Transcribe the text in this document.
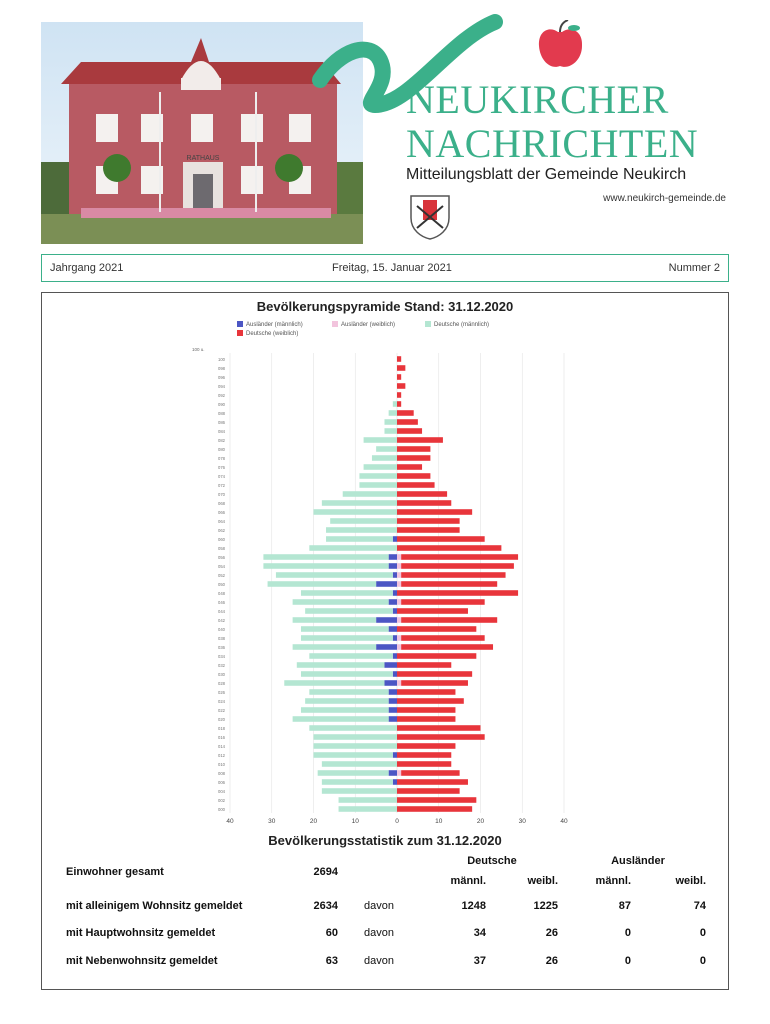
RATHAUS
NEUKIRCHER
NACHRICHTEN
Mitteilungsblatt der Gemeinde Neukirch
www.neukirch-gemeinde.de
Jahrgang 2021	Freitag, 15. Januar 2021	Nummer 2
Bevölkerungspyramide Stand: 31.12.2020
Ausländer (männlich)	Ausländer (weiblich)	Deutsche (männlich)
Deutsche (weiblich)
40	30	20	10	0	10	20	30	40
100 u.
100
098
096
094
092
090
088
086
084
082
080
078
076
074
072
070
068
066
064
062
060
058
056
054
052
050
048
046
044
042
040
038
036
034
032
030
028
026
024
022
020
018
016
014
012
010
008
006
004
002
000
Bevölkerungsstatistik zum 31.12.2020
Deutsche	Ausländer
Einwohner gesamt	2694
männl.	weibl.	männl.	weibl.
mit alleinigem Wohnsitz gemeldet	2634 davon	1248	1225	87	74
mit Hauptwohnsitz gemeldet	60 davon	34	26	0	0
mit Nebenwohnsitz gemeldet	63 davon	37	26	0	0
